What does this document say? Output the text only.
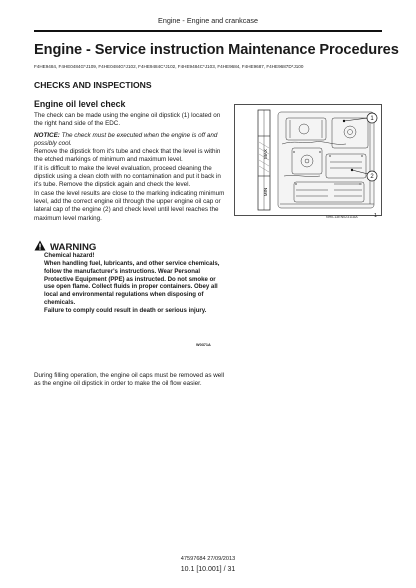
Engine - Engine and crankcase
Engine - Service instruction Maintenance Procedures
F4HE9484, F4HE0484G*J109, F4HE0484G*J102, F4HE9484C*J102, F4HE9484C*J103, F4HE9684, F4HE9687, F4HE9687D*J100
CHECKS AND INSPECTIONS
Engine oil level check

The check can be made using the engine oil dipstick (1) located on the right hand side of the EDC.

NOTICE: The check must be executed when the engine is off and possibly cool.

Remove the dipstick from it's tube and check that the level is within the etched markings of minimum and maximum level.

If it is difficult to make the level evaluation, proceed cleaning the dipstick using a clean cloth with no contamination and put it back in it's tube. Remove the dipstick again and check the level.

In case the level results are close to the marking indicating minimum level, add the correct engine oil through the upper engine oil cap or lateral cap of the engine (2) and check level until level reaches the maximum level marking.

WARNING

Chemical hazard!

When handling fuel, lubricants, and other service chemicals, follow the manufacturer's instructions. Wear Personal Protective Equipment (PPE) as instructed. Do not smoke or use open flame. Collect fluids in proper containers. Obey all local and environmental regulations when disposing of chemicals.

Failure to comply could result in death or serious injury.

W0371A
During filling operation, the engine oil caps must be removed as well as the engine oil dipstick in order to make the oil flow easier.
MAX
MIN
1
2
NHIL13EN02311AA	1
47597684 27/09/2013
10.1 [10.001] / 31
